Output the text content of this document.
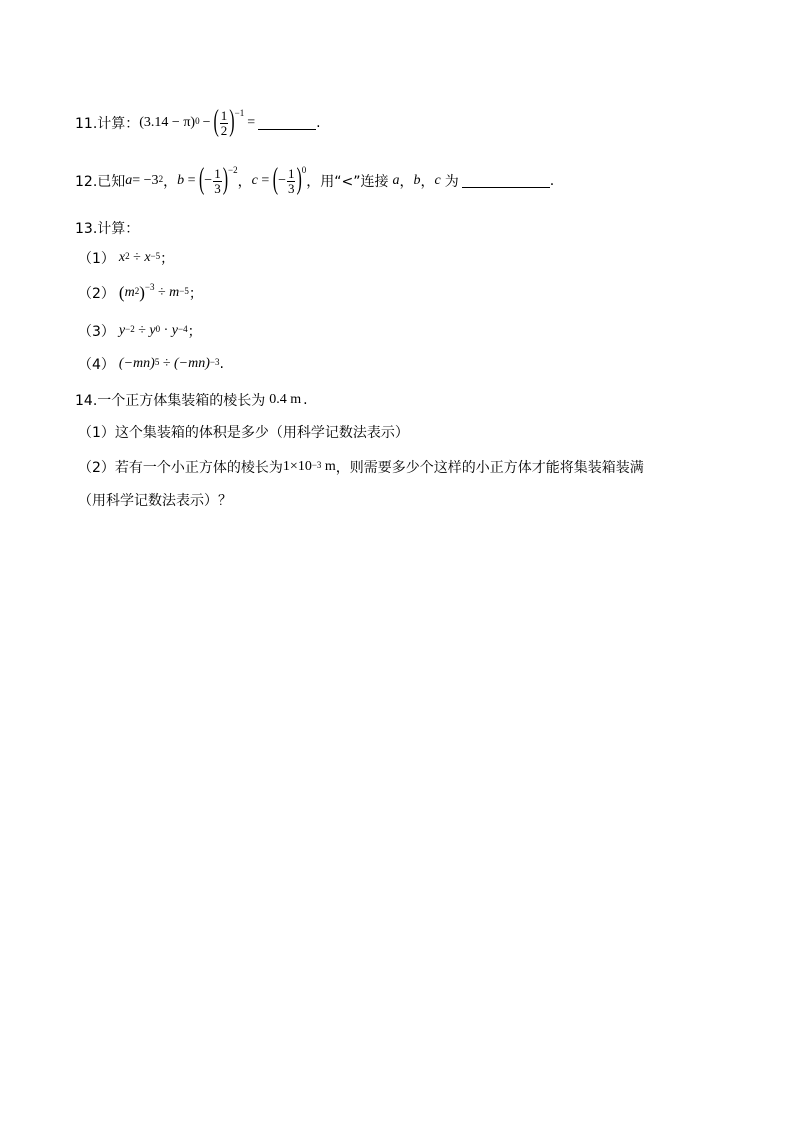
11.计算： $(3.14 - \pi)^0$ − ( $\frac{1}{2} )^{-1}$
=	.
12.已知 $a = -3^2$ ， b = ( − $\frac{1}{3} )^{-2}$
， c = ( − $\frac{1}{3} )^0$
，用“<”连接 a ， b ， c 为	.
13.计算：
（1） $x^2 \div x^{-5}$ ；
（2） ( $m^2$ )$^{-3} \div m^{-5}$ ；
（3） $y^{-2} \div y^0 \cdot y^{-4}$ ；
（4） $(-mn)^5 \div (-mn)^{-3}$ .
14.一个正方体集装箱的棱长为 0.4 m .
（1）这个集装箱的体积是多少（用科学记数法表示）
（2）若有一个小正方体的棱长为 $1\times 10^{-3}$ m ，则需要多少个这样的小正方体才能将集装箱装满
（用科学记数法表示）？
